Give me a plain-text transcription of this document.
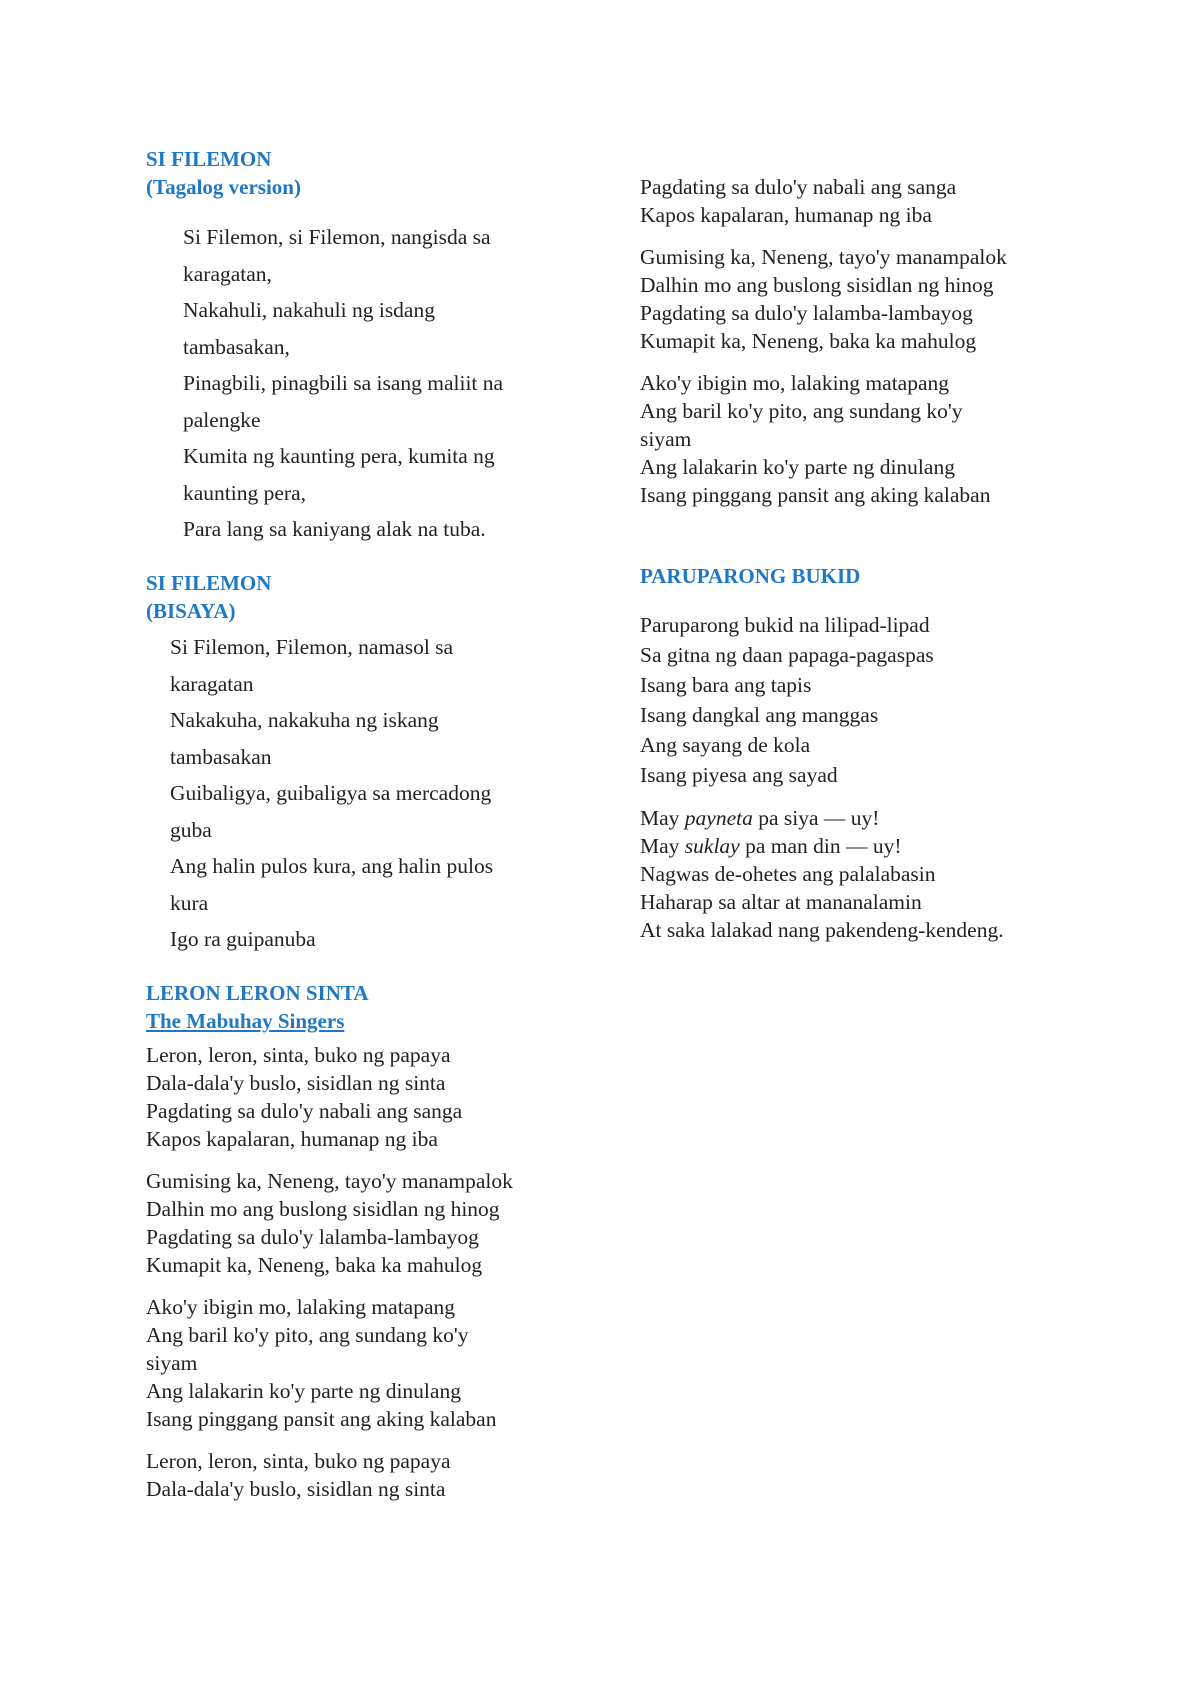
SI FILEMON

(Tagalog version)

Si Filemon, si Filemon, nangisda sa

karagatan,

Nakahuli, nakahuli ng isdang

tambasakan,

Pinagbili, pinagbili sa isang maliit na

palengke

Kumita ng kaunting pera, kumita ng

kaunting pera,

Para lang sa kaniyang alak na tuba.

SI FILEMON

(BISAYA)

Si Filemon, Filemon, namasol sa

karagatan

Nakakuha, nakakuha ng iskang

tambasakan

Guibaligya, guibaligya sa mercadong

guba

Ang halin pulos kura, ang halin pulos

kura

Igo ra guipanuba

LERON LERON SINTA

The Mabuhay Singers

Leron, leron, sinta, buko ng papaya

Dala-dala'y buslo, sisidlan ng sinta

Pagdating sa dulo'y nabali ang sanga

Kapos kapalaran, humanap ng iba

Gumising ka, Neneng, tayo'y manampalok

Dalhin mo ang buslong sisidlan ng hinog

Pagdating sa dulo'y lalamba-lambayog

Kumapit ka, Neneng, baka ka mahulog

Ako'y ibigin mo, lalaking matapang

Ang baril ko'y pito, ang sundang ko'y

siyam

Ang lalakarin ko'y parte ng dinulang

Isang pinggang pansit ang aking kalaban

Leron, leron, sinta, buko ng papaya

Dala-dala'y buslo, sisidlan ng sinta

Pagdating sa dulo'y nabali ang sanga

Kapos kapalaran, humanap ng iba

Gumising ka, Neneng, tayo'y manampalok

Dalhin mo ang buslong sisidlan ng hinog

Pagdating sa dulo'y lalamba-lambayog

Kumapit ka, Neneng, baka ka mahulog

Ako'y ibigin mo, lalaking matapang

Ang baril ko'y pito, ang sundang ko'y

siyam

Ang lalakarin ko'y parte ng dinulang

Isang pinggang pansit ang aking kalaban

PARUPARONG BUKID

Paruparong bukid na lilipad-lipad

Sa gitna ng daan papaga-pagaspas

Isang bara ang tapis

Isang dangkal ang manggas

Ang sayang de kola

Isang piyesa ang sayad

May payneta pa siya — uy!

May suklay pa man din — uy!

Nagwas de-ohetes ang palalabasin

Haharap sa altar at mananalamin

At saka lalakad nang pakendeng-kendeng.
